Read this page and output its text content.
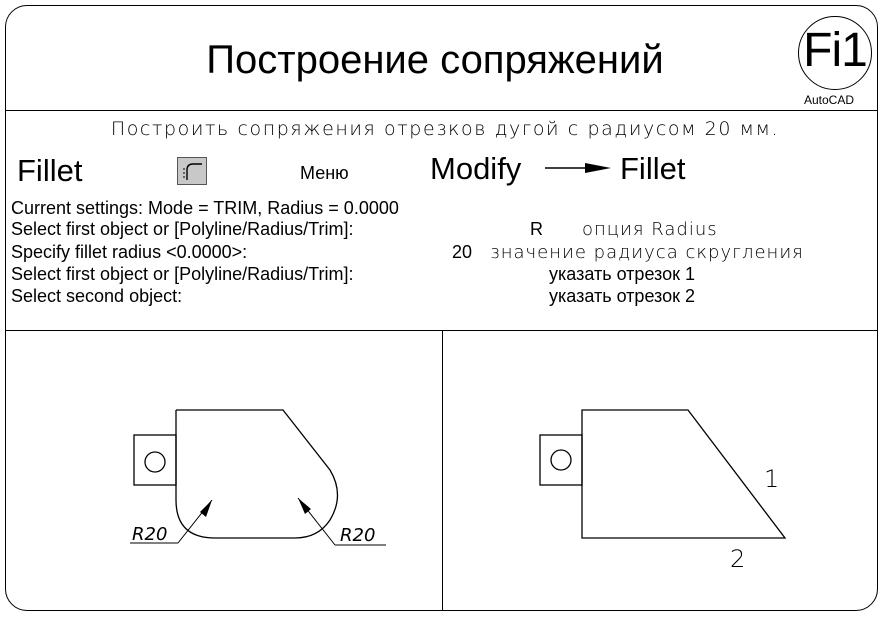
Построение сопряжений	Fi1
AutoCAD
Построить сопряжения отрезков дугой с радиусом 20 мм.
Fillet	Меню	Modify	Fillet
Current settings: Mode = TRIM, Radius = 0.0000
Select first object or [Polyline/Radius/Trim]:	R опция Radius
Specify fillet radius <0.0000>:	20 значение радиуса скругления
Select first object or [Polyline/Radius/Trim]:	указать отрезок 1
Select second object:	указать отрезок 2
R20	R20
1
2
